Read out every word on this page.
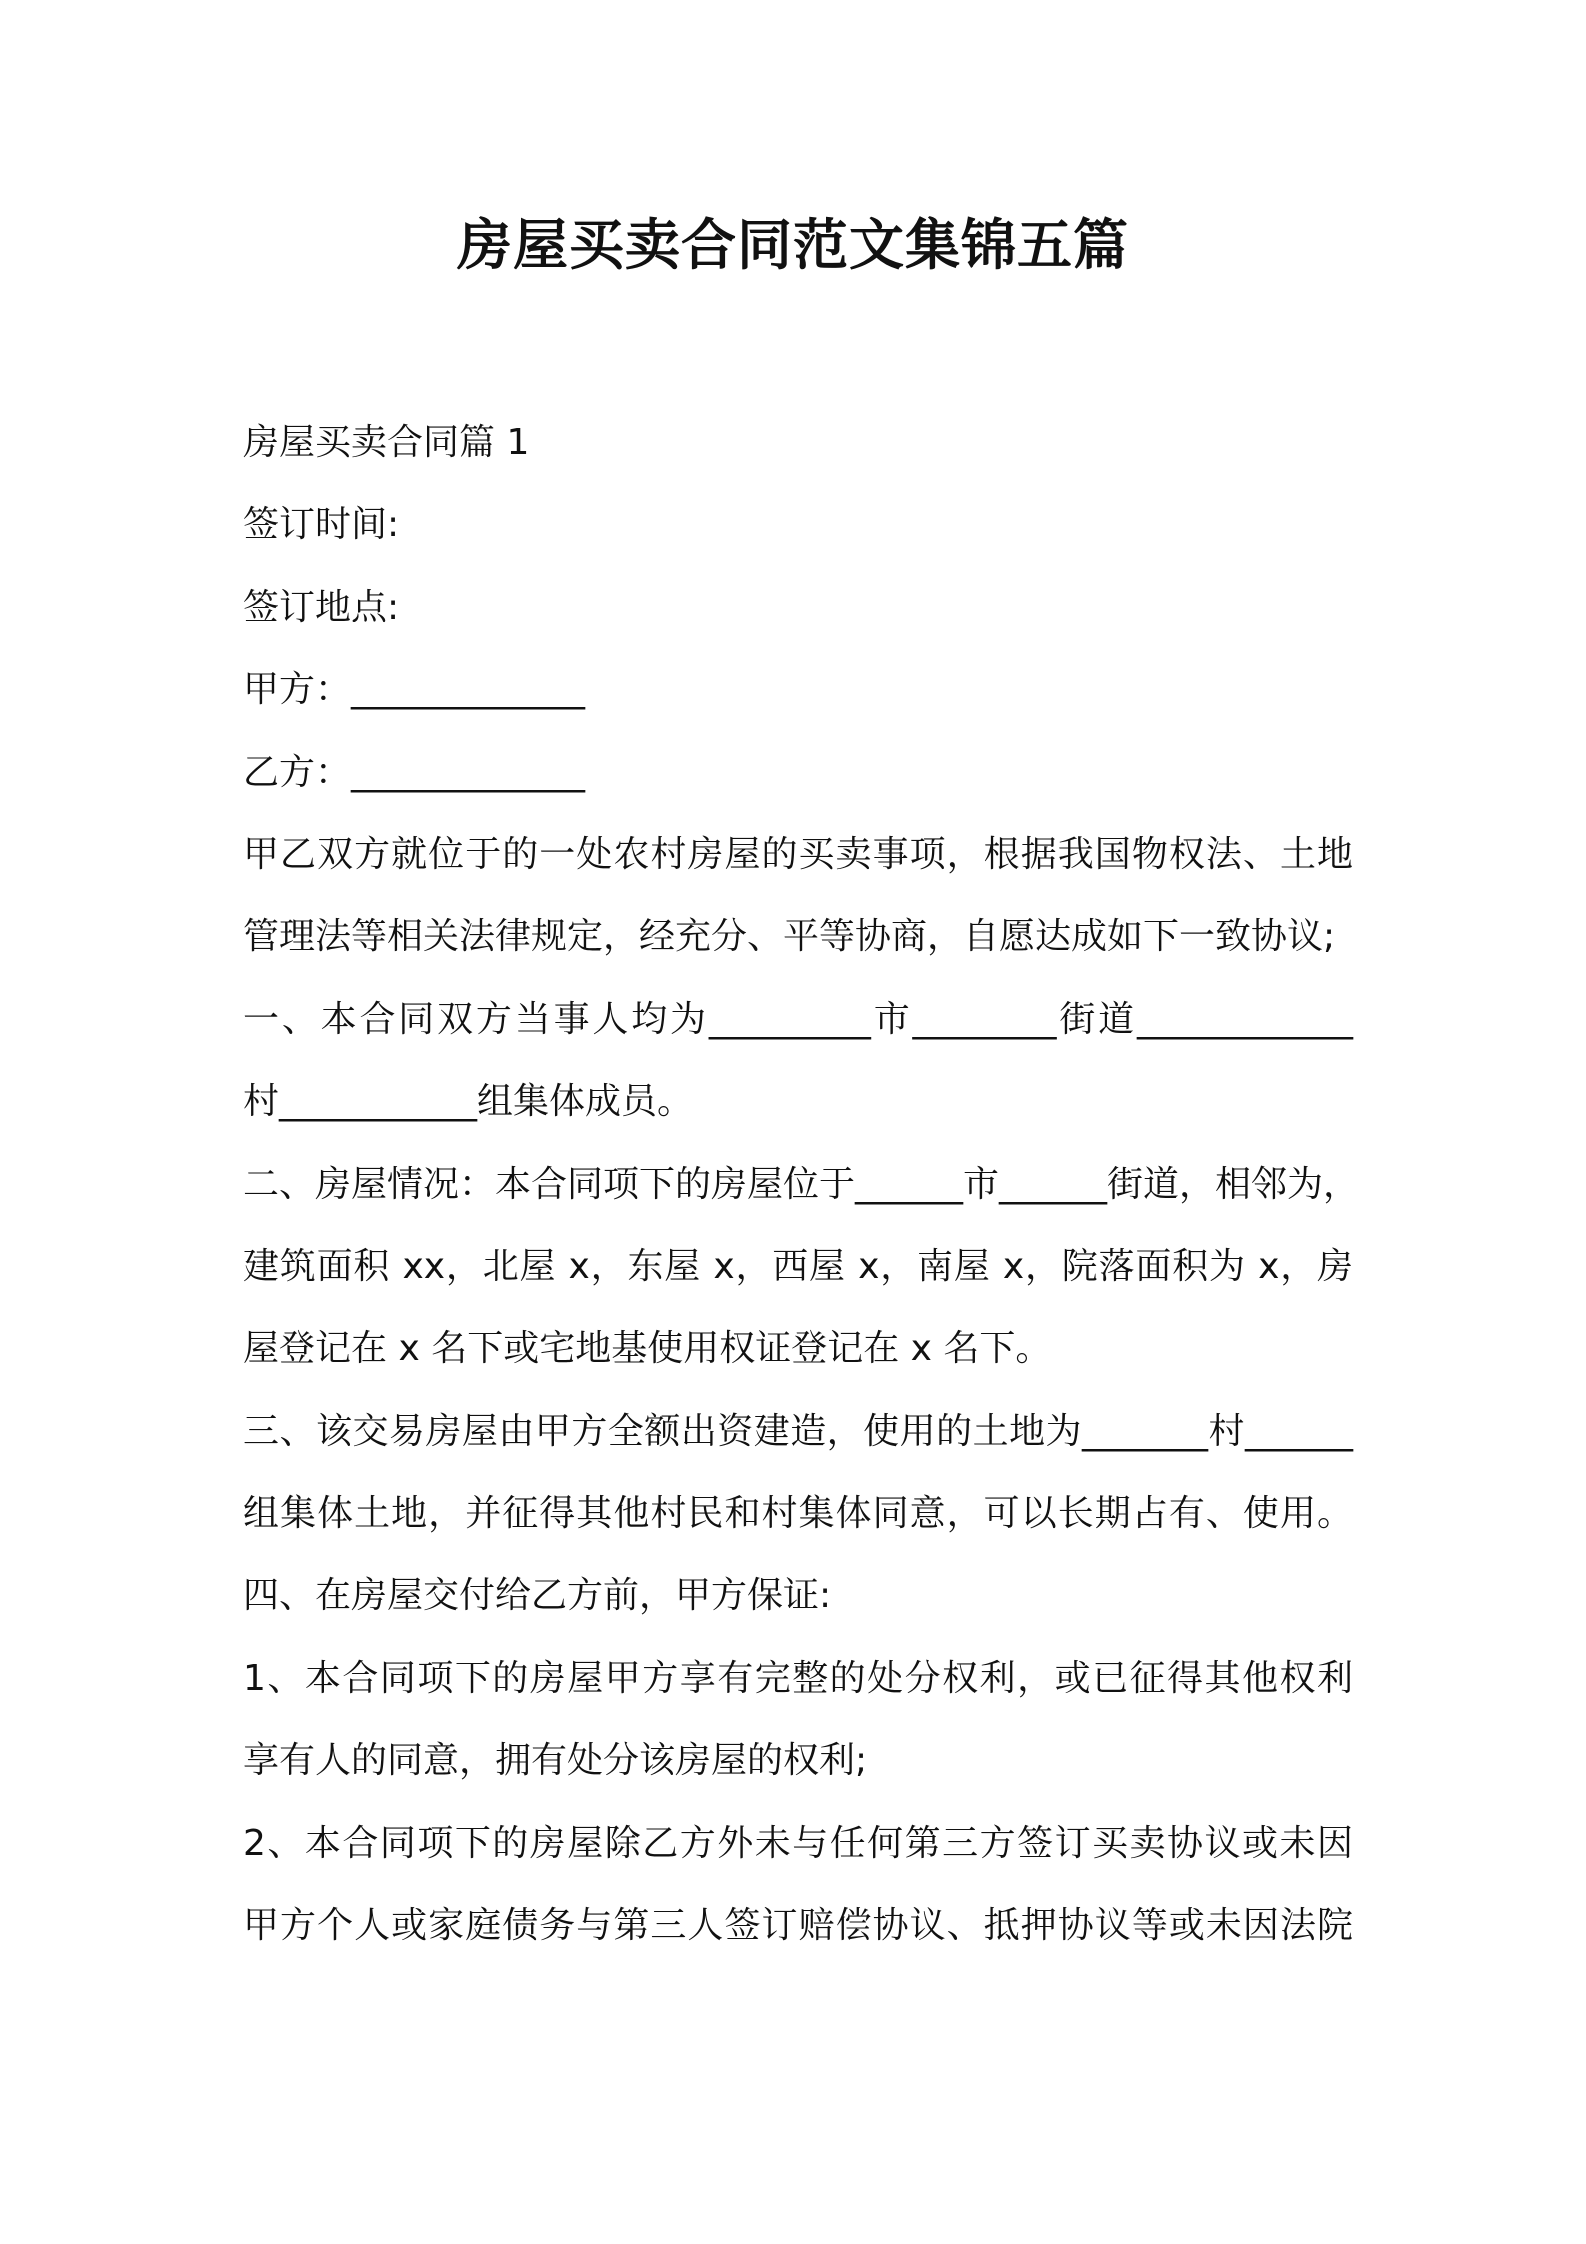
房屋买卖合同范文集锦五篇
房屋买卖合同篇 1
签订时间:
签订地点:
甲方：_____________
乙方：_____________
甲乙双方就位于的一处农村房屋的买卖事项，根据我国物权法、土地
管理法等相关法律规定，经充分、平等协商，自愿达成如下一致协议;
一、本合同双方当事人均为_________市________街道____________
村___________组集体成员。
二、房屋情况：本合同项下的房屋位于______市______街道，相邻为，
建筑面积 xx，北屋 x，东屋 x，西屋 x，南屋 x，院落面积为 x，房
屋登记在 x 名下或宅地基使用权证登记在 x 名下。
三、该交易房屋由甲方全额出资建造，使用的土地为_______村______
组集体土地，并征得其他村民和村集体同意，可以长期占有、使用。
四、在房屋交付给乙方前，甲方保证:
1、本合同项下的房屋甲方享有完整的处分权利，或已征得其他权利
享有人的同意，拥有处分该房屋的权利;
2、本合同项下的房屋除乙方外未与任何第三方签订买卖协议或未因
甲方个人或家庭债务与第三人签订赔偿协议、抵押协议等或未因法院
